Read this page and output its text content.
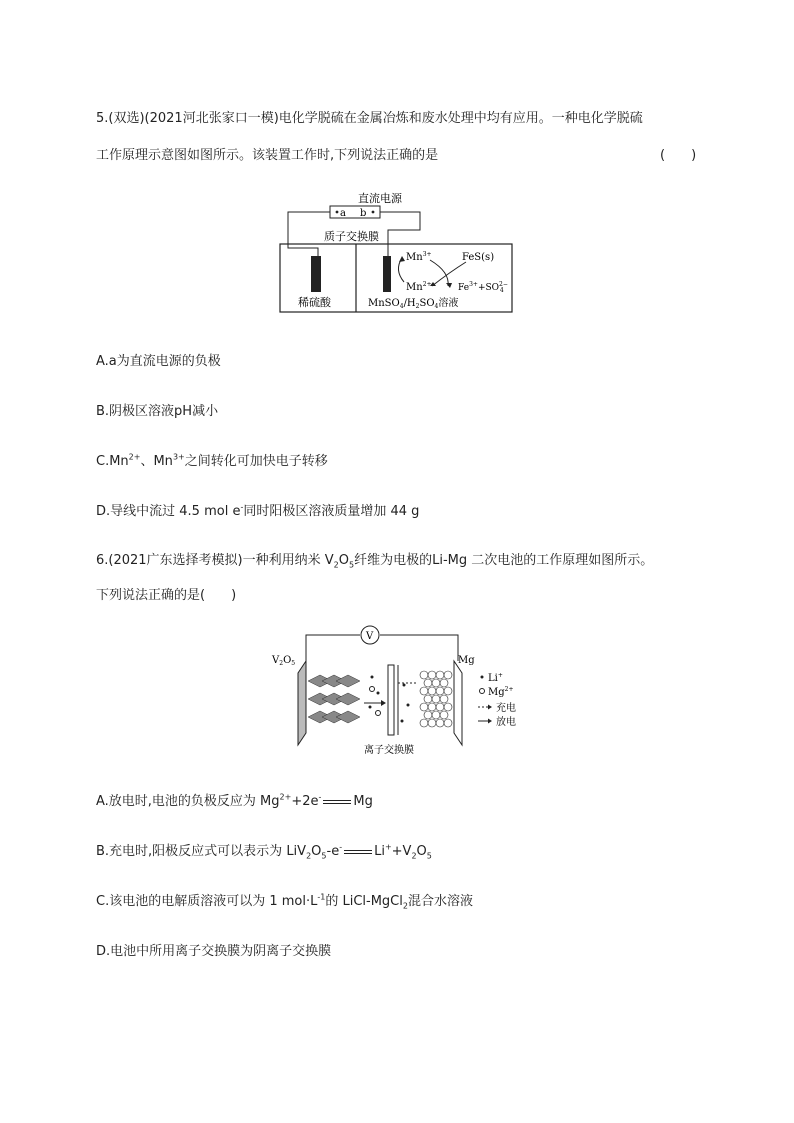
5.(双选)(2021河北张家口一模)电化学脱硫在金属冶炼和废水处理中均有应用。一种电化学脱硫
工作原理示意图如图所示。该装置工作时,下列说法正确的是	(　　)
直流电源
a b
质子交换膜
稀硫酸	$MnSO_4/H_2SO_4$溶液
$Mn^{3+}$
$Mn^{2+}$
FeS(s)
$Fe^{3+}+SO^{2-}$ 4
A.a为直流电源的负极
B.阴极区溶液pH减小
$C.Mn^{2+}$、$Mn^{3+}$之间转化可加快电子转移
D.导线中流过 4.5 mol e-同时阳极区溶液质量增加 44 g
6.(2021广东选择考模拟)一种利用纳米 $V_2O_5$纤维为电极的Li-Mg 二次电池的工作原理如图所示。
下列说法正确的是(　　)
V
$V_2O_5$	Mg
离子交换膜
Li+
$Mg^{2+}$
充电
放电
A.放电时,电池的负极反应为 $Mg^{2+}+2e^-$ Mg
B.充电时,阳极反应式可以表示为 $LiV_2O_5-e^-$ $Li^++V_2O_5$
C.该电池的电解质溶液可以为 1 $mol\cdot L^{-1}$的 LiCl-MgCl$_2$混合水溶液
D.电池中所用离子交换膜为阴离子交换膜
